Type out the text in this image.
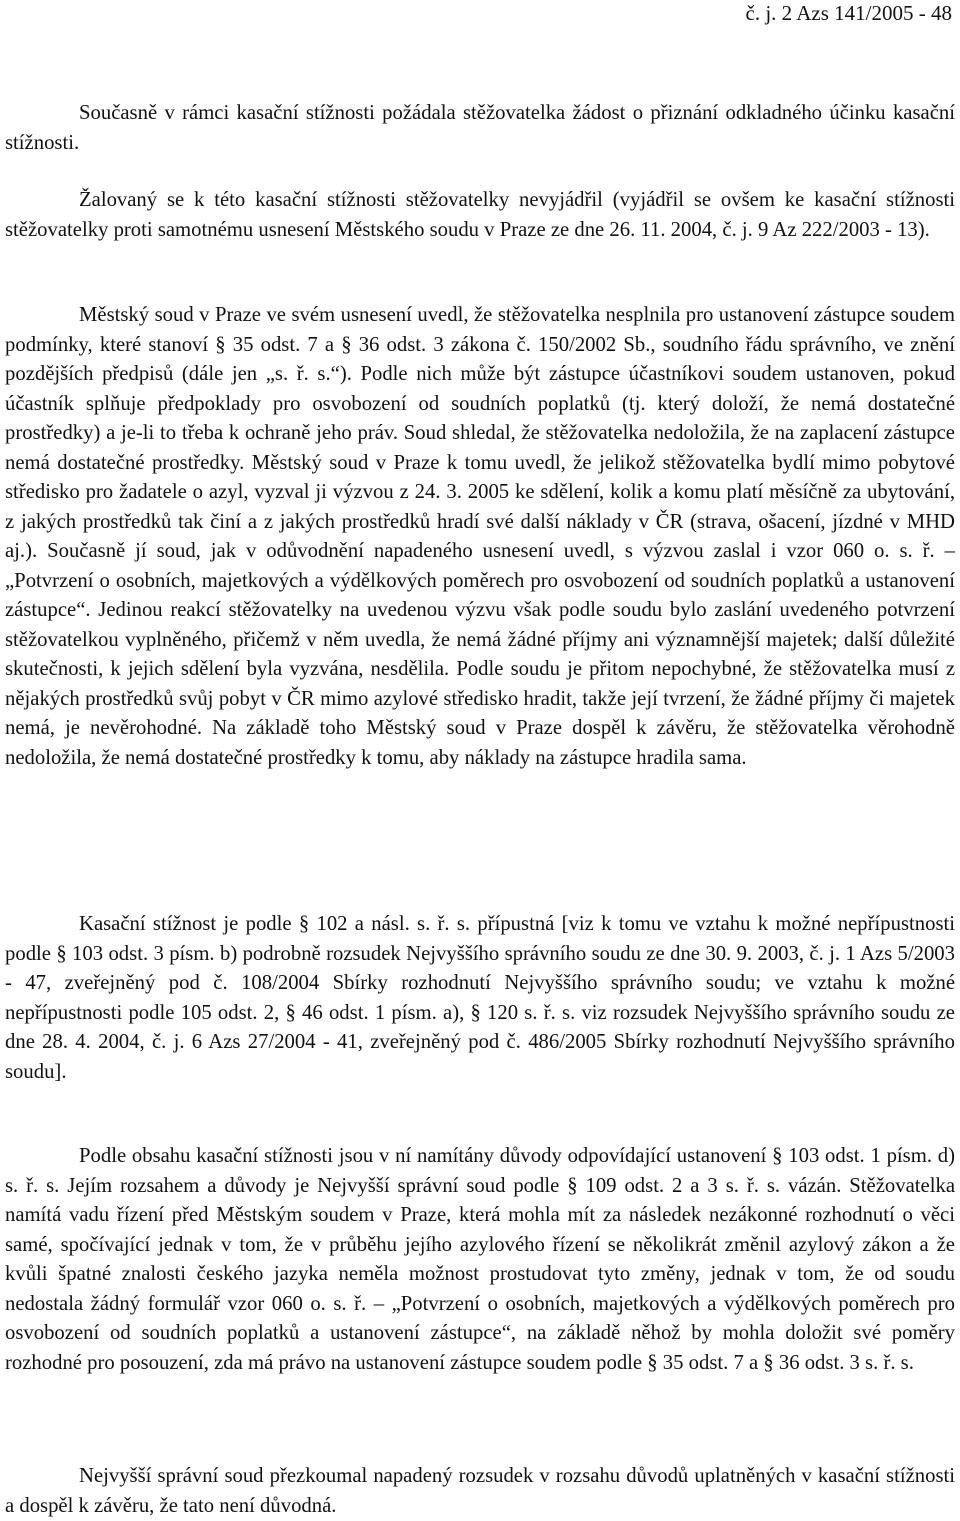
č. j. 2 Azs 141/2005 - 48

Současně v rámci kasační stížnosti požádala stěžovatelka žádost o přiznání odkladného účinku kasační stížnosti.

Žalovaný se k této kasační stížnosti stěžovatelky nevyjádřil (vyjádřil se ovšem ke kasační stížnosti stěžovatelky proti samotnému usnesení Městského soudu v Praze ze dne 26. 11. 2004, č. j. 9 Az 222/2003 - 13).

Městský soud v Praze ve svém usnesení uvedl, že stěžovatelka nesplnila pro ustanovení zástupce soudem podmínky, které stanoví § 35 odst. 7 a § 36 odst. 3 zákona č. 150/2002 Sb., soudního řádu správního, ve znění pozdějších předpisů (dále jen „s. ř. s.“). Podle nich může být zástupce účastníkovi soudem ustanoven, pokud účastník splňuje předpoklady pro osvobození od soudních poplatků (tj. který doloží, že nemá dostatečné prostředky) a je-li to třeba k ochraně jeho práv. Soud shledal, že stěžovatelka nedoložila, že na zaplacení zástupce nemá dostatečné prostředky. Městský soud v Praze k tomu uvedl, že jelikož stěžovatelka bydlí mimo pobytové středisko pro žadatele o azyl, vyzval ji výzvou z 24. 3. 2005 ke sdělení, kolik a komu platí měsíčně za ubytování, z jakých prostředků tak činí a z jakých prostředků hradí své další náklady v ČR (strava, ošacení, jízdné v MHD aj.). Současně jí soud, jak v odůvodnění napadeného usnesení uvedl, s výzvou zaslal i vzor 060 o. s. ř. – „Potvrzení o osobních, majetkových a výdělkových poměrech pro osvobození od soudních poplatků a ustanovení zástupce“. Jedinou reakcí stěžovatelky na uvedenou výzvu však podle soudu bylo zaslání uvedeného potvrzení stěžovatelkou vyplněného, přičemž v něm uvedla, že nemá žádné příjmy ani významnější majetek; další důležité skutečnosti, k jejich sdělení byla vyzvána, nesdělila. Podle soudu je přitom nepochybné, že stěžovatelka musí z nějakých prostředků svůj pobyt v ČR mimo azylové středisko hradit, takže její tvrzení, že žádné příjmy či majetek nemá, je nevěrohodné. Na základě toho Městský soud v Praze dospěl k závěru, že stěžovatelka věrohodně nedoložila, že nemá dostatečné prostředky k tomu, aby náklady na zástupce hradila sama.

Kasační stížnost je podle § 102 a násl. s. ř. s. přípustná [viz k tomu ve vztahu k možné nepřípustnosti podle § 103 odst. 3 písm. b) podrobně rozsudek Nejvyššího správního soudu ze dne 30. 9. 2003, č. j. 1 Azs 5/2003 - 47, zveřejněný pod č. 108/2004 Sbírky rozhodnutí Nejvyššího správního soudu; ve vztahu k možné nepřípustnosti podle 105 odst. 2, § 46 odst. 1 písm. a), § 120 s. ř. s. viz rozsudek Nejvyššího správního soudu ze dne 28. 4. 2004, č. j. 6 Azs 27/2004 - 41, zveřejněný pod č. 486/2005 Sbírky rozhodnutí Nejvyššího správního soudu].

Podle obsahu kasační stížnosti jsou v ní namítány důvody odpovídající ustanovení § 103 odst. 1 písm. d) s. ř. s. Jejím rozsahem a důvody je Nejvyšší správní soud podle § 109 odst. 2 a 3 s. ř. s. vázán. Stěžovatelka namítá vadu řízení před Městským soudem v Praze, která mohla mít za následek nezákonné rozhodnutí o věci samé, spočívající jednak v tom, že v průběhu jejího azylového řízení se několikrát změnil azylový zákon a že kvůli špatné znalosti českého jazyka neměla možnost prostudovat tyto změny, jednak v tom, že od soudu nedostala žádný formulář vzor 060 o. s. ř. – „Potvrzení o osobních, majetkových a výdělkových poměrech pro osvobození od soudních poplatků a ustanovení zástupce“, na základě něhož by mohla doložit své poměry rozhodné pro posouzení, zda má právo na ustanovení zástupce soudem podle § 35 odst. 7 a § 36 odst. 3 s. ř. s.

Nejvyšší správní soud přezkoumal napadený rozsudek v rozsahu důvodů uplatněných v kasační stížnosti a dospěl k závěru, že tato není důvodná.
